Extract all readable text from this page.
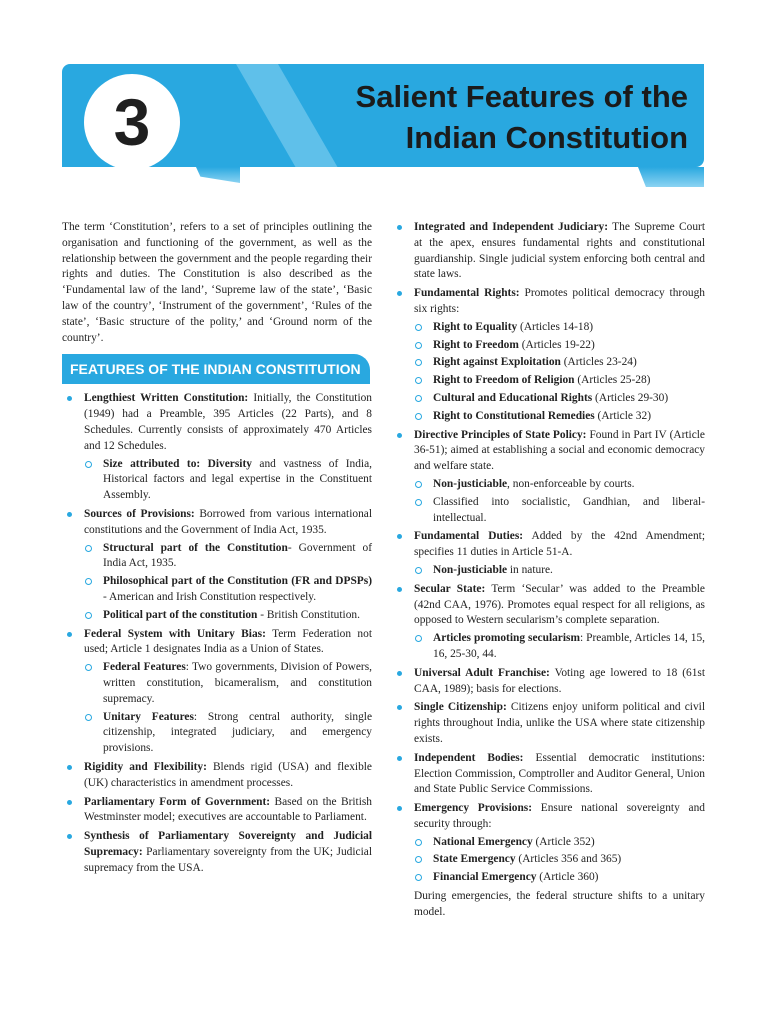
3	Salient Features of the
Indian Constitution

The term ‘Constitution’, refers to a set of principles outlining the organisation and functioning of the government, as well as the relationship between the government and the people regarding their rights and duties. The Constitution is also described as the ‘Fundamental law of the land’, ‘Supreme law of the state’, ‘Basic law of the country’, ‘Instrument of the government’, ‘Rules of the state’, ‘Basic structure of the polity,’ and ‘Ground norm of the country’.

FEATURES OF THE INDIAN CONSTITUTION
Lengthiest Written Constitution: Initially, the Constitution (1949) had a Preamble, 395 Articles (22 Parts), and 8 Schedules. Currently consists of approximately 470 Articles and 12 Schedules.
Size attributed to: Diversity and vastness of India, Historical factors and legal expertise in the Constituent Assembly.
Sources of Provisions: Borrowed from various international constitutions and the Government of India Act, 1935.
Structural part of the Constitution- Government of India Act, 1935.
Philosophical part of the Constitution (FR and DPSPs) - American and Irish Constitution respectively.
Political part of the constitution - British Constitution.
Federal System with Unitary Bias: Term Federation not used; Article 1 designates India as a Union of States.
Federal Features: Two governments, Division of Powers, written constitution, bicameralism, and constitution supremacy.
Unitary Features: Strong central authority, single citizenship, integrated judiciary, and emergency provisions.
Rigidity and Flexibility: Blends rigid (USA) and flexible (UK) characteristics in amendment processes.
Parliamentary Form of Government: Based on the British Westminster model; executives are accountable to Parliament.
Synthesis of Parliamentary Sovereignty and Judicial Supremacy: Parliamentary sovereignty from the UK; Judicial supremacy from the USA.
Integrated and Independent Judiciary: The Supreme Court at the apex, ensures fundamental rights and constitutional guardianship. Single judicial system enforcing both central and state laws.
Fundamental Rights: Promotes political democracy through six rights:
Right to Equality (Articles 14-18)
Right to Freedom (Articles 19-22)
Right against Exploitation (Articles 23-24)
Right to Freedom of Religion (Articles 25-28)
Cultural and Educational Rights (Articles 29-30)
Right to Constitutional Remedies (Article 32)
Directive Principles of State Policy: Found in Part IV (Article 36-51); aimed at establishing a social and economic democracy and welfare state.
Non-justiciable, non-enforceable by courts.
Classified into socialistic, Gandhian, and liberal-intellectual.
Fundamental Duties: Added by the 42nd Amendment; specifies 11 duties in Article 51-A.
Non-justiciable in nature.
Secular State: Term ‘Secular’ was added to the Preamble (42nd CAA, 1976). Promotes equal respect for all religions, as opposed to Western secularism’s complete separation.
Articles promoting secularism: Preamble, Articles 14, 15, 16, 25-30, 44.
Universal Adult Franchise: Voting age lowered to 18 (61st CAA, 1989); basis for elections.
Single Citizenship: Citizens enjoy uniform political and civil rights throughout India, unlike the USA where state citizenship exists.
Independent Bodies: Essential democratic institutions: Election Commission, Comptroller and Auditor General, Union and State Public Service Commissions.
Emergency Provisions: Ensure national sovereignty and security through:
National Emergency (Article 352)
State Emergency (Articles 356 and 365)
Financial Emergency (Article 360)

During emergencies, the federal structure shifts to a unitary model.
